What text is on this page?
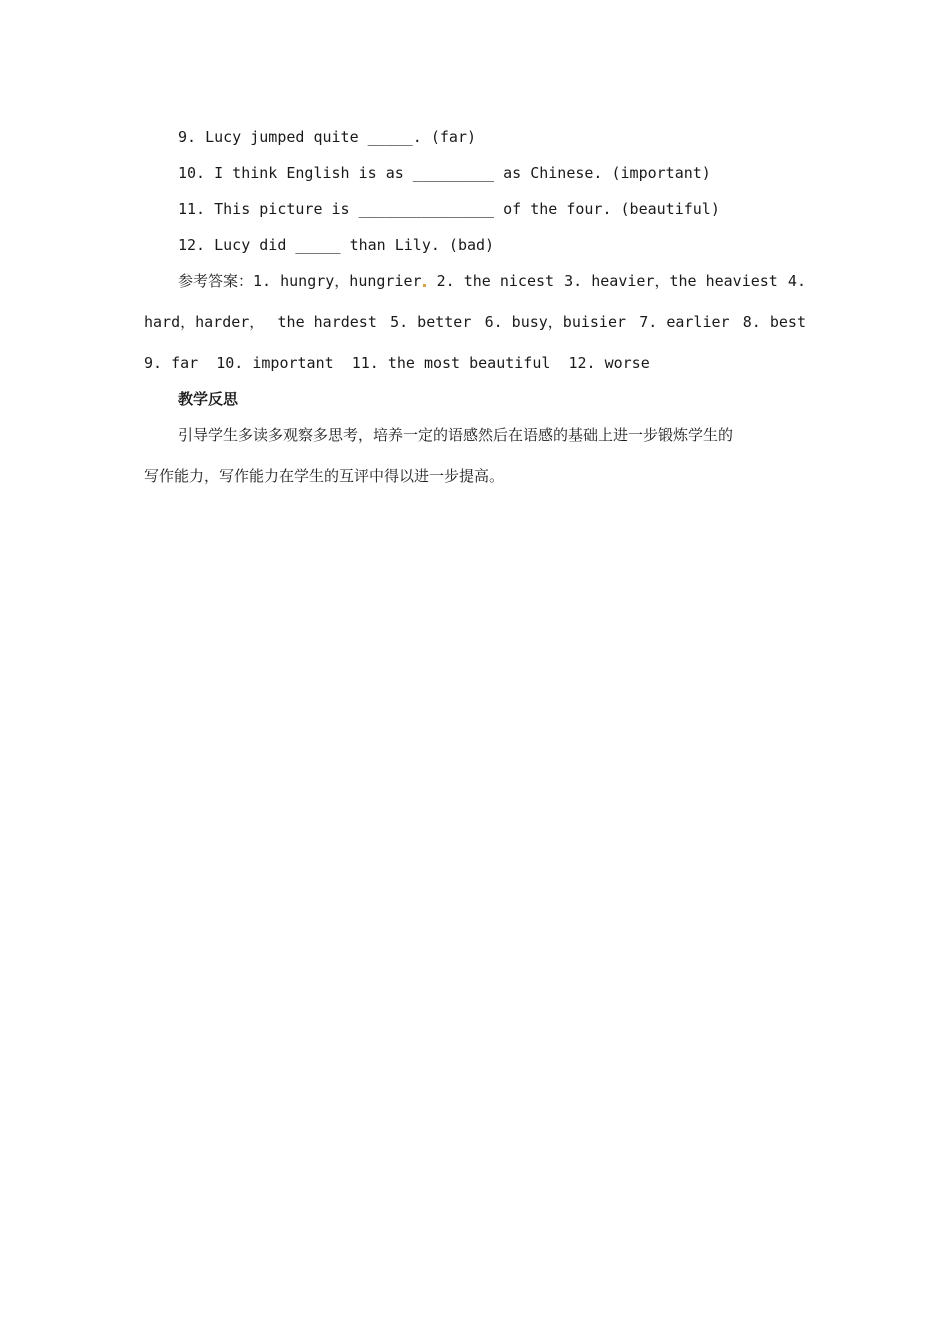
9. Lucy jumped quite _____. (far)
10. I think English is as _________ as Chinese. (important)
11. This picture is _______________ of the four. (beautiful)
12. Lucy did _____ than Lily. (bad)
参考答案：1. hungry，hungrier	2. the nicest 3. heavier，the heaviest 4.
hard，harder， the hardest 5. better 6. busy，buisier 7. earlier 8. best
9. far 10. important 11. the most beautiful 12. worse
教学反思
引导学生多读多观察多思考，培养一定的语感然后在语感的基础上进一步锻炼学生的
写作能力，写作能力在学生的互评中得以进一步提高。
